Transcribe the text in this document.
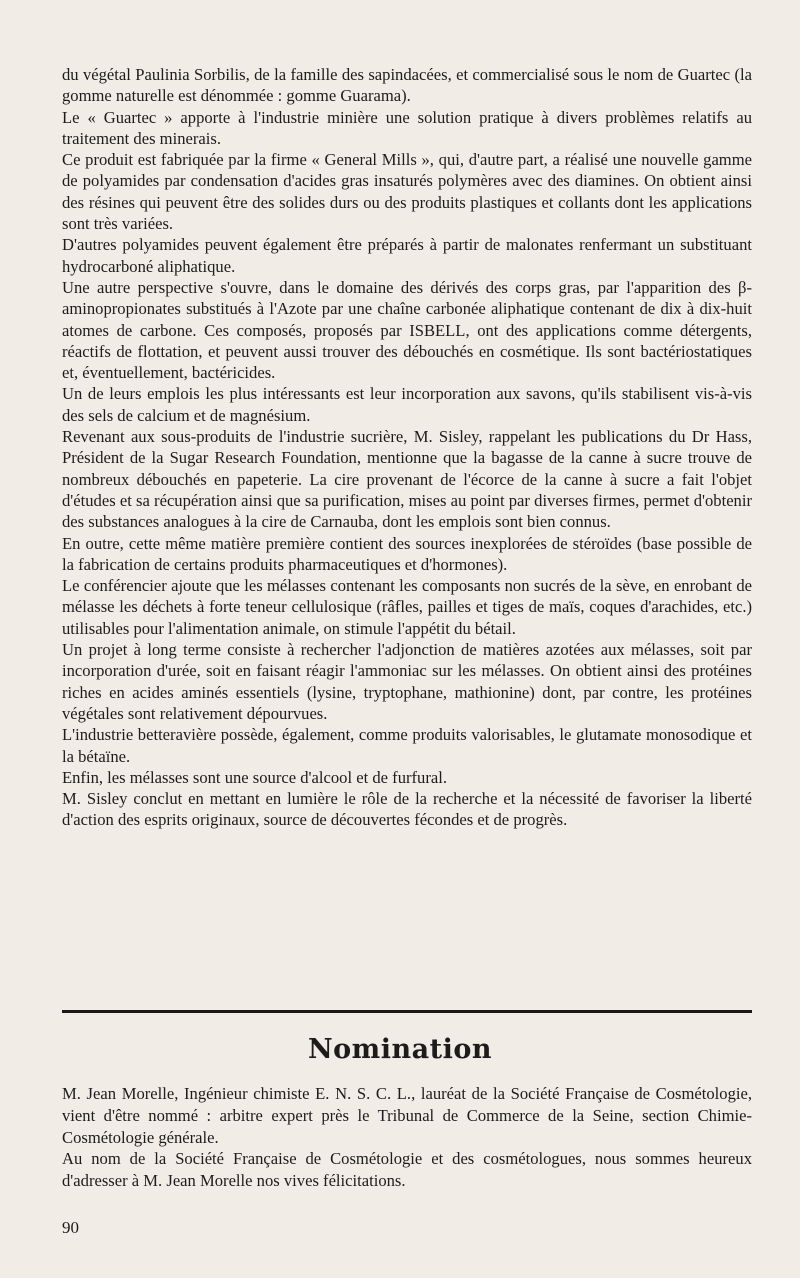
du végétal Paulinia Sorbilis, de la famille des sapindacées, et commercialisé sous le nom de Guartec (la gomme naturelle est dénommée : gomme Guarama).

Le « Guartec » apporte à l'industrie minière une solution pratique à divers problèmes relatifs au traitement des minerais.

Ce produit est fabriquée par la firme « General Mills », qui, d'autre part, a réalisé une nouvelle gamme de polyamides par condensation d'acides gras insaturés polymères avec des diamines. On obtient ainsi des résines qui peuvent être des solides durs ou des produits plastiques et collants dont les applications sont très variées.

D'autres polyamides peuvent également être préparés à partir de malonates renfermant un substituant hydrocarboné aliphatique.

Une autre perspective s'ouvre, dans le domaine des dérivés des corps gras, par l'apparition des β-aminopropionates substitués à l'Azote par une chaîne carbonée aliphatique contenant de dix à dix-huit atomes de carbone. Ces composés, proposés par ISBELL, ont des applications comme détergents, réactifs de flottation, et peuvent aussi trouver des débouchés en cosmétique. Ils sont bactériostatiques et, éventuellement, bactéricides.

Un de leurs emplois les plus intéressants est leur incorporation aux savons, qu'ils stabilisent vis-à-vis des sels de calcium et de magnésium.

Revenant aux sous-produits de l'industrie sucrière, M. Sisley, rappelant les publications du Dr Hass, Président de la Sugar Research Foundation, mentionne que la bagasse de la canne à sucre trouve de nombreux débouchés en papeterie. La cire provenant de l'écorce de la canne à sucre a fait l'objet d'études et sa récupération ainsi que sa purification, mises au point par diverses firmes, permet d'obtenir des substances analogues à la cire de Carnauba, dont les emplois sont bien connus.

En outre, cette même matière première contient des sources inexplorées de stéroïdes (base possible de la fabrication de certains produits pharmaceutiques et d'hormones).

Le conférencier ajoute que les mélasses contenant les composants non sucrés de la sève, en enrobant de mélasse les déchets à forte teneur cellulosique (râfles, pailles et tiges de maïs, coques d'arachides, etc.) utilisables pour l'alimentation animale, on stimule l'appétit du bétail.

Un projet à long terme consiste à rechercher l'adjonction de matières azotées aux mélasses, soit par incorporation d'urée, soit en faisant réagir l'ammoniac sur les mélasses. On obtient ainsi des protéines riches en acides aminés essentiels (lysine, tryptophane, mathionine) dont, par contre, les protéines végétales sont relativement dépourvues.

L'industrie betteravière possède, également, comme produits valorisables, le glutamate monosodique et la bétaïne.

Enfin, les mélasses sont une source d'alcool et de furfural.

M. Sisley conclut en mettant en lumière le rôle de la recherche et la nécessité de favoriser la liberté d'action des esprits originaux, source de découvertes fécondes et de progrès.

Nomination

M. Jean Morelle, Ingénieur chimiste E. N. S. C. L., lauréat de la Société Française de Cosmétologie, vient d'être nommé : arbitre expert près le Tribunal de Commerce de la Seine, section Chimie-Cosmétologie générale.

Au nom de la Société Française de Cosmétologie et des cosmétologues, nous sommes heureux d'adresser à M. Jean Morelle nos vives félicitations.

90
